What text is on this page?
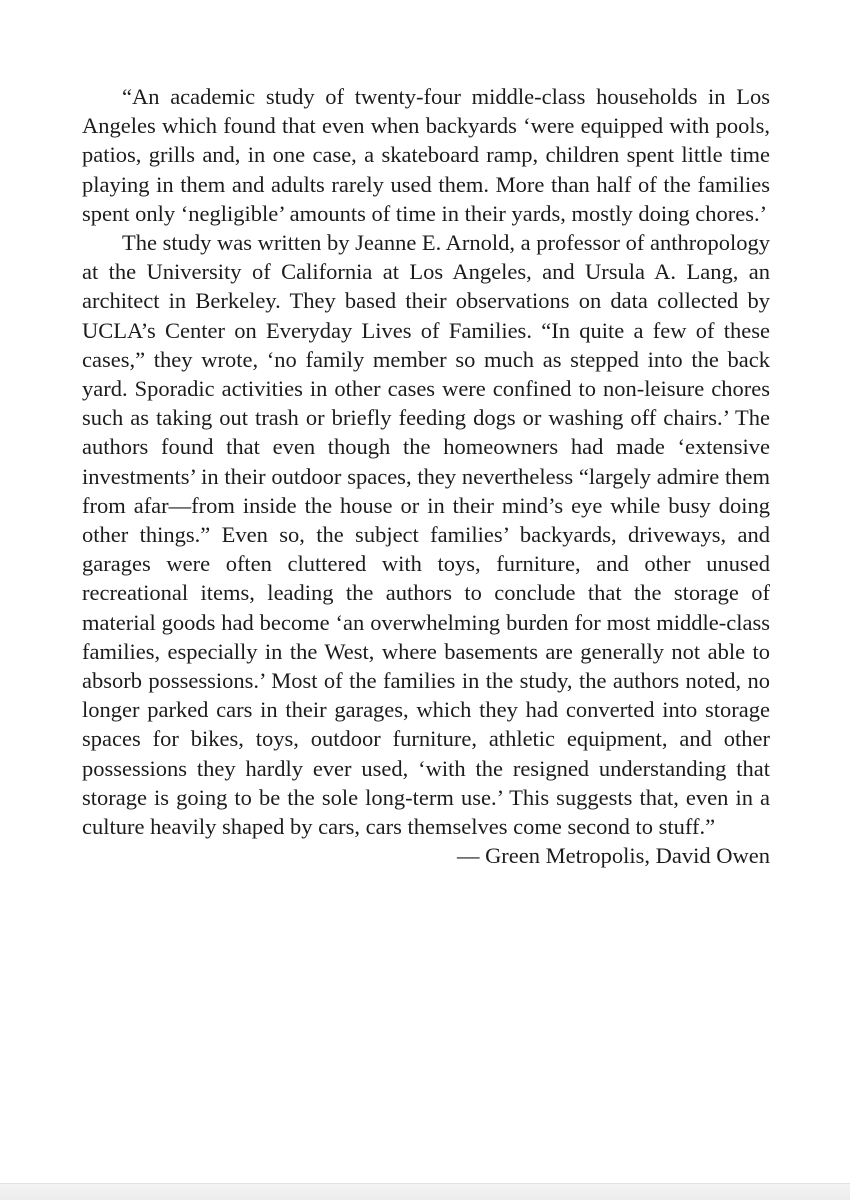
“An academic study of twenty-four middle-class households in Los Angeles which found that even when backyards ‘were equipped with pools, patios, grills and, in one case, a skateboard ramp, children spent little time playing in them and adults rarely used them. More than half of the families spent only ‘negligible’ amounts of time in their yards, mostly doing chores.’

The study was written by Jeanne E. Arnold, a professor of anthropology at the University of California at Los Angeles, and Ursula A. Lang, an architect in Berkeley. They based their observations on data collected by UCLA’s Center on Everyday Lives of Families. “In quite a few of these cases,” they wrote, ‘no family member so much as stepped into the back yard. Sporadic activities in other cases were confined to non-leisure chores such as taking out trash or briefly feeding dogs or washing off chairs.’ The authors found that even though the homeowners had made ‘extensive investments’ in their outdoor spaces, they nevertheless “largely admire them from afar—from inside the house or in their mind’s eye while busy doing other things.” Even so, the subject families’ backyards, driveways, and garages were often cluttered with toys, furniture, and other unused recreational items, leading the authors to conclude that the storage of material goods had become ‘an overwhelming burden for most middle-class families, especially in the West, where basements are generally not able to absorb possessions.’ Most of the families in the study, the authors noted, no longer parked cars in their garages, which they had converted into storage spaces for bikes, toys, outdoor furniture, athletic equipment, and other possessions they hardly ever used, ‘with the resigned understanding that storage is going to be the sole long-term use.’ This suggests that, even in a culture heavily shaped by cars, cars themselves come second to stuff.”

— Green Metropolis, David Owen
